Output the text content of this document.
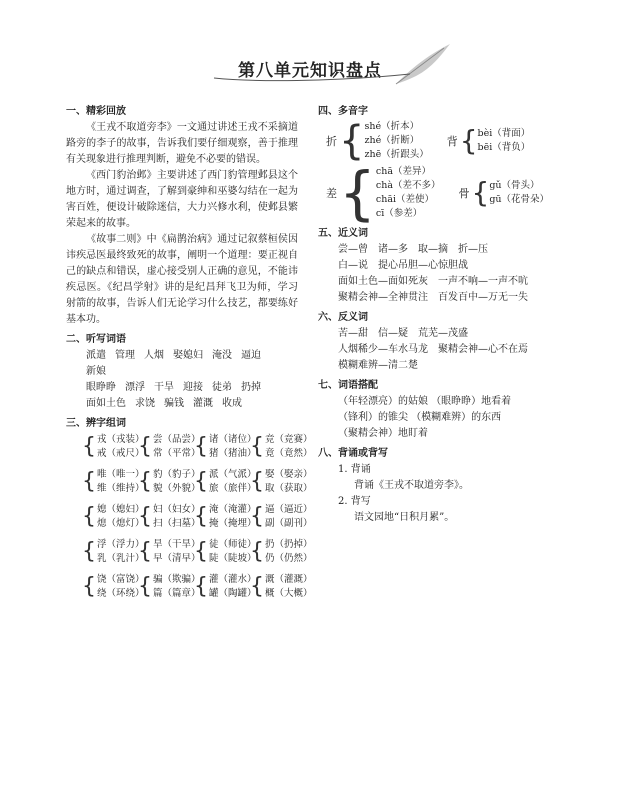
第八单元知识盘点
一、精彩回放

《王戎不取道旁李》一文通过讲述王戎不采摘道路旁的李子的故事，告诉我们要仔细观察，善于推理有关现象进行推理判断，避免不必要的错误。

《西门豹治邺》主要讲述了西门豹管理邺县这个地方时，通过调查，了解到豪绅和巫婆勾结在一起为害百姓，便设计破除迷信，大力兴修水利，使邺县繁荣起来的故事。

《故事二则》中《扁鹊治病》通过记叙蔡桓侯因讳疾忌医最终致死的故事，阐明一个道理：要正视自己的缺点和错误，虚心接受别人正确的意见，不能讳疾忌医。《纪昌学射》讲的是纪昌拜飞卫为师，学习射箭的故事，告诉人们无论学习什么技艺，都要练好基本功。

二、听写词语
派遣 管理 人烟 娶媳妇 淹没 逼迫新娘
眼睁睁 漂浮 干旱 迎接 徒弟 扔掉
面如土色 求饶 骗钱 灌溉 收成
三、辨字组词
{ 戎（戎装）
戒（戒尺）
{ 尝（品尝）
常（平常）
{ 诸（诸位）
猪（猪油）
{ 竞（竞赛）
竟（竟然）
{ 唯（唯一）
维（维持）
{ 豹（豹子）
貌（外貌）
{ 派（气派）
旅（旅伴）
{ 娶（娶亲）
取（获取）
{ 媳（媳妇）
熄（熄灯）
{ 妇（妇女）
扫（扫墓）
{ 淹（淹灌）
掩（掩埋）
{ 逼（逼近）
副（副刊）
{ 浮（浮力）
乳（乳汁）
{ 旱（干旱）
早（清早）
{ 徒（师徒）
陡（陡坡）
{ 扔（扔掉）
仍（仍然）
{ 饶（富饶）
绕（环绕）
{ 骗（欺骗）
篇（篇章）
{ 灌（灌水）
罐（陶罐）
{ 溉（灌溉）
概（大概）
四、多音字
折 { shé（折本）
zhé（折断）
zhē（折跟头）
背 { bèi（背面）
bēi（背负）
差 { chā（差异）
chà（差不多）
chāi（差使）
cī（参差）
骨 { gǔ（骨头）
gū（花骨朵）
五、近义词
尝—曾 诸—多 取—摘 折—压
白—说 提心吊胆—心惊胆战
面如土色—面如死灰 一声不响—一声不吭
聚精会神—全神贯注 百发百中—万无一失
六、反义词
苦—甜 信—疑 荒芜—茂盛
人烟稀少—车水马龙 聚精会神—心不在焉
模糊难辨—清二楚
七、词语搭配
（年轻漂亮）的姑娘 （眼睁睁）地看着
（锋利）的锥尖 （模糊难辨）的东西
（聚精会神）地盯着
八、背诵或背写
1. 背诵
背诵《王戎不取道旁李》。
2. 背写
语文园地“日积月累”。
